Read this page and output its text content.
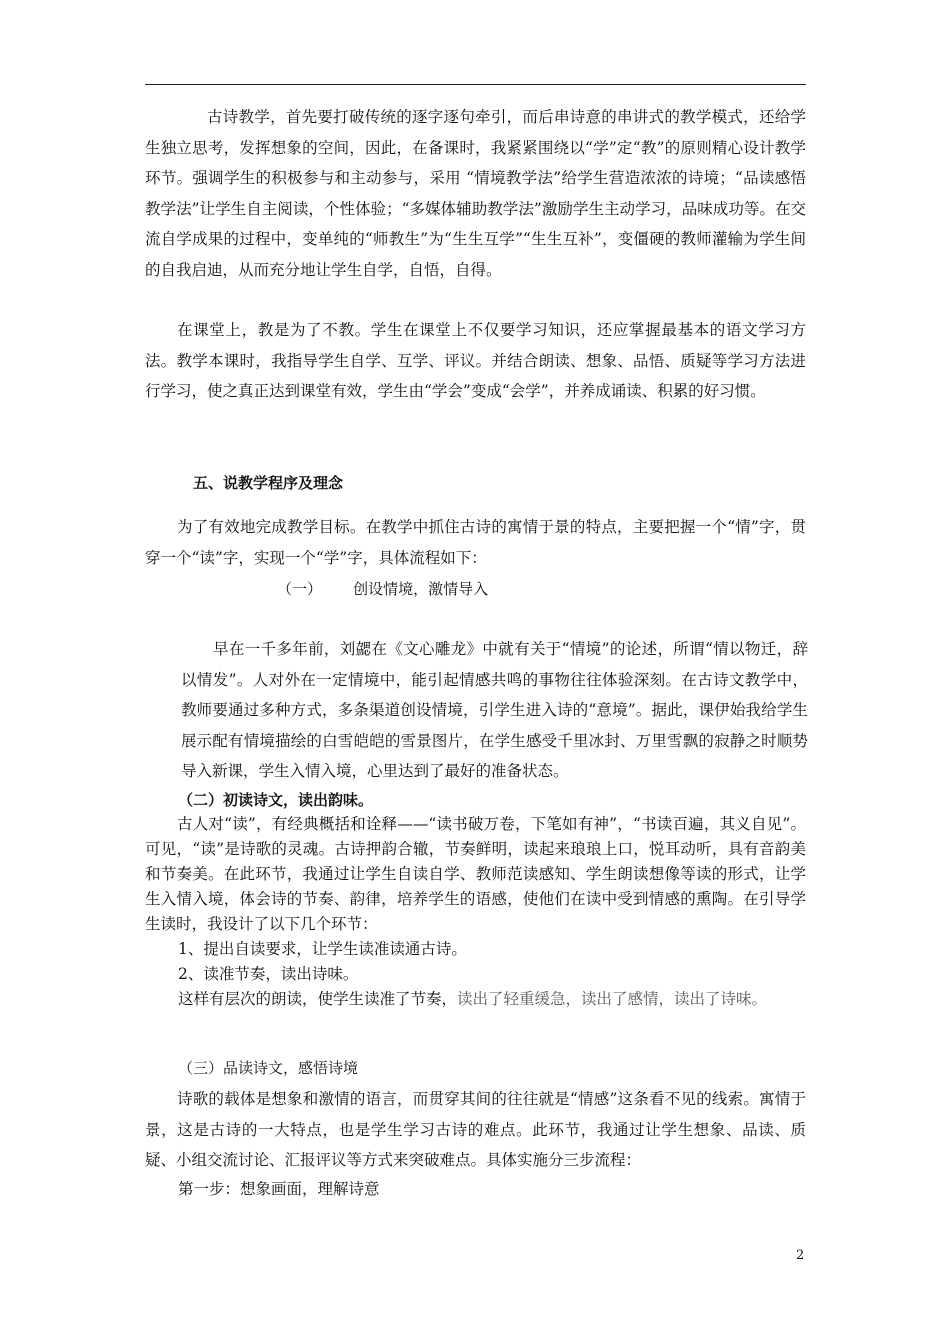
古诗教学，首先要打破传统的逐字逐句牵引，而后串诗意的串讲式的教学模式，还给学生独立思考，发挥想象的空间，因此，在备课时，我紧紧围绕以“学”定“教”的原则精心设计教学环节。强调学生的积极参与和主动参与，采用 “情境教学法”给学生营造浓浓的诗境；“品读感悟教学法”让学生自主阅读，个性体验；“多媒体辅助教学法”激励学生主动学习，品味成功等。在交流自学成果的过程中，变单纯的“师教生”为“生生互学”“生生互补”，变僵硬的教师灌输为学生间的自我启迪，从而充分地让学生自学，自悟，自得。

在课堂上，教是为了不教。学生在课堂上不仅要学习知识，还应掌握最基本的语文学习方法。教学本课时，我指导学生自学、互学、评议。并结合朗读、想象、品悟、质疑等学习方法进行学习，使之真正达到课堂有效，学生由“学会”变成“会学”，并养成诵读、积累的好习惯。

五、说教学程序及理念

为了有效地完成教学目标。在教学中抓住古诗的寓情于景的特点，主要把握一个“情”字，贯穿一个“读”字，实现一个“学”字，具体流程如下：

（一） 创设情境，激情导入

早在一千多年前，刘勰在《文心雕龙》中就有关于“情境”的论述，所谓“情以物迁，辞以情发”。人对外在一定情境中，能引起情感共鸣的事物往往体验深刻。在古诗文教学中，教师要通过多种方式，多条渠道创设情境，引学生进入诗的“意境”。据此，课伊始我给学生展示配有情境描绘的白雪皑皑的雪景图片，在学生感受千里冰封、万里雪飘的寂静之时顺势导入新课，学生入情入境，心里达到了最好的准备状态。

（二）初读诗文，读出韵味。

古人对“读”，有经典概括和诠释——“读书破万卷，下笔如有神”，“书读百遍，其义自见”。可见，“读”是诗歌的灵魂。古诗押韵合辙，节奏鲜明，读起来琅琅上口，悦耳动听，具有音韵美和节奏美。在此环节，我通过让学生自读自学、教师范读感知、学生朗读想像等读的形式，让学生入情入境，体会诗的节奏、韵律，培养学生的语感，使他们在读中受到情感的熏陶。在引导学生读时，我设计了以下几个环节：

1、提出自读要求，让学生读准读通古诗。

2、读准节奏，读出诗味。

这样有层次的朗读，使学生读准了节奏，读出了轻重缓急，读出了感情，读出了诗味。

（三）品读诗文，感悟诗境

诗歌的载体是想象和激情的语言，而贯穿其间的往往就是“情感”这条看不见的线索。寓情于景，这是古诗的一大特点，也是学生学习古诗的难点。此环节，我通过让学生想象、品读、质疑、小组交流讨论、汇报评议等方式来突破难点。具体实施分三步流程：

第一步：想象画面，理解诗意

2
